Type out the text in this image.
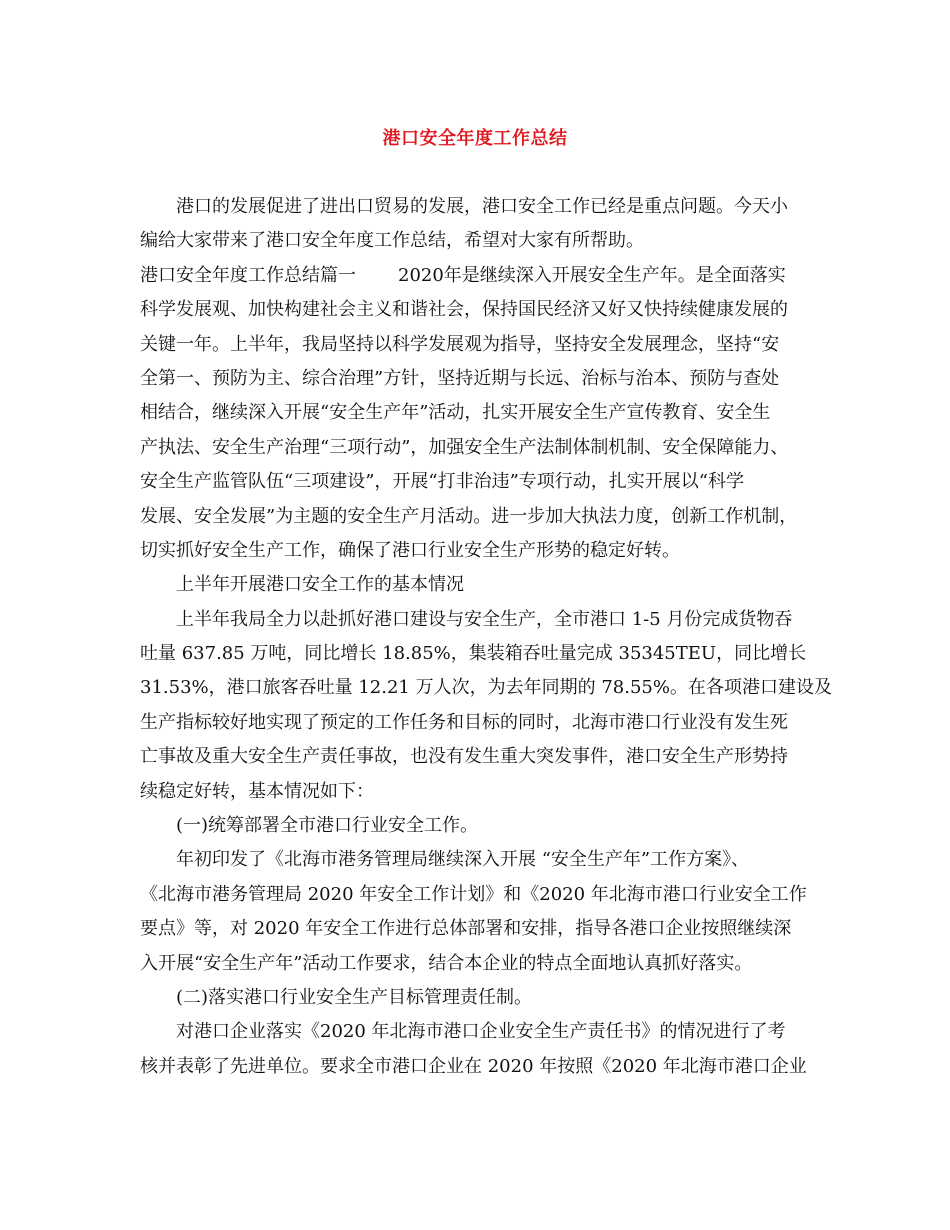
港口安全年度工作总结
港口的发展促进了进出口贸易的发展，港口安全工作已经是重点问题。今天小
编给大家带来了港口安全年度工作总结，希望对大家有所帮助。
港口安全年度工作总结篇一 2020年是继续深入开展安全生产年。是全面落实
科学发展观、加快构建社会主义和谐社会，保持国民经济又好又快持续健康发展的
关键一年。上半年，我局坚持以科学发展观为指导，坚持安全发展理念，坚持“安
全第一、预防为主、综合治理”方针，坚持近期与长远、治标与治本、预防与查处
相结合，继续深入开展“安全生产年”活动，扎实开展安全生产宣传教育、安全生
产执法、安全生产治理“三项行动”，加强安全生产法制体制机制、安全保障能力、
安全生产监管队伍“三项建设”，开展“打非治违”专项行动，扎实开展以“科学
发展、安全发展”为主题的安全生产月活动。进一步加大执法力度，创新工作机制，
切实抓好安全生产工作，确保了港口行业安全生产形势的稳定好转。
上半年开展港口安全工作的基本情况
上半年我局全力以赴抓好港口建设与安全生产，全市港口 1-5 月份完成货物吞
吐量 637.85 万吨，同比增长 18.85%，集装箱吞吐量完成 35345TEU，同比增长
31.53%，港口旅客吞吐量 12.21 万人次，为去年同期的 78.55%。在各项港口建设及
生产指标较好地实现了预定的工作任务和目标的同时，北海市港口行业没有发生死
亡事故及重大安全生产责任事故，也没有发生重大突发事件，港口安全生产形势持
续稳定好转，基本情况如下：
(一)统筹部署全市港口行业安全工作。
年初印发了《北海市港务管理局继续深入开展 “安全生产年”工作方案》、
《北海市港务管理局 2020 年安全工作计划》和《2020 年北海市港口行业安全工作
要点》等，对 2020 年安全工作进行总体部署和安排，指导各港口企业按照继续深
入开展“安全生产年”活动工作要求，结合本企业的特点全面地认真抓好落实。
(二)落实港口行业安全生产目标管理责任制。
对港口企业落实《2020 年北海市港口企业安全生产责任书》的情况进行了考
核并表彰了先进单位。要求全市港口企业在 2020 年按照《2020 年北海市港口企业
